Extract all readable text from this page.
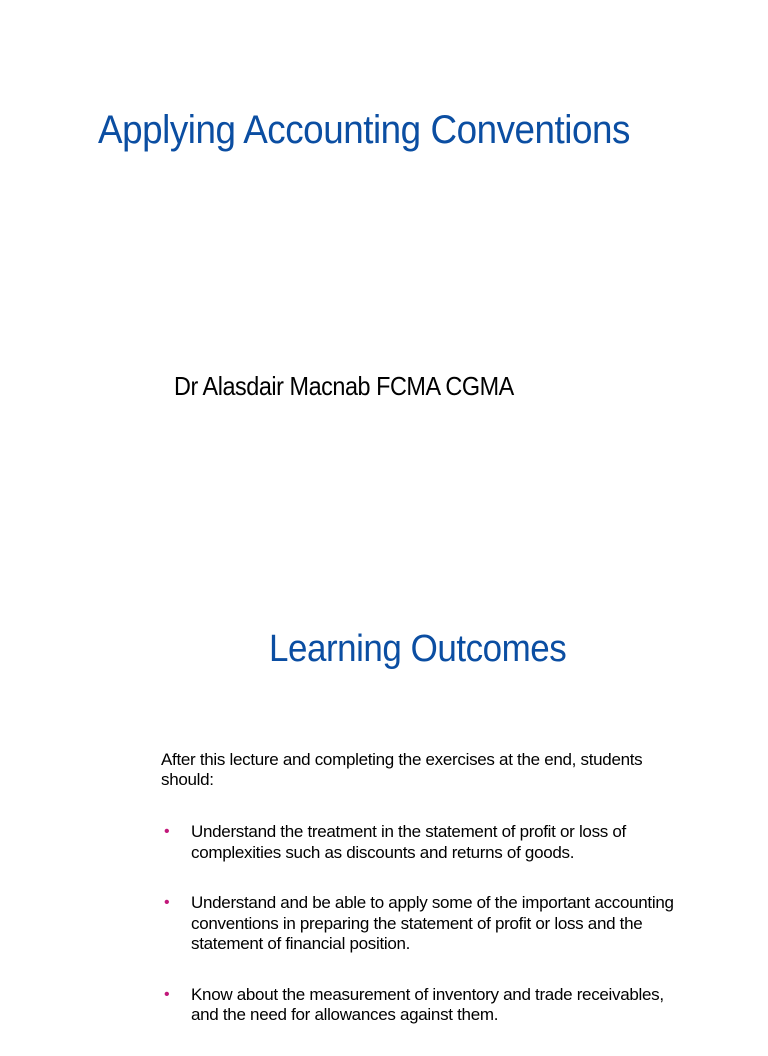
Applying Accounting Conventions

Dr Alasdair Macnab FCMA CGMA

Learning Outcomes

After this lecture and completing the exercises at the end, students should:

• Understand the treatment in the statement of profit or loss of complexities such as discounts and returns of goods.
• Understand and be able to apply some of the important accounting conventions in preparing the statement of profit or loss and the statement of financial position.
• Know about the measurement of inventory and trade receivables, and the need for allowances against them.
